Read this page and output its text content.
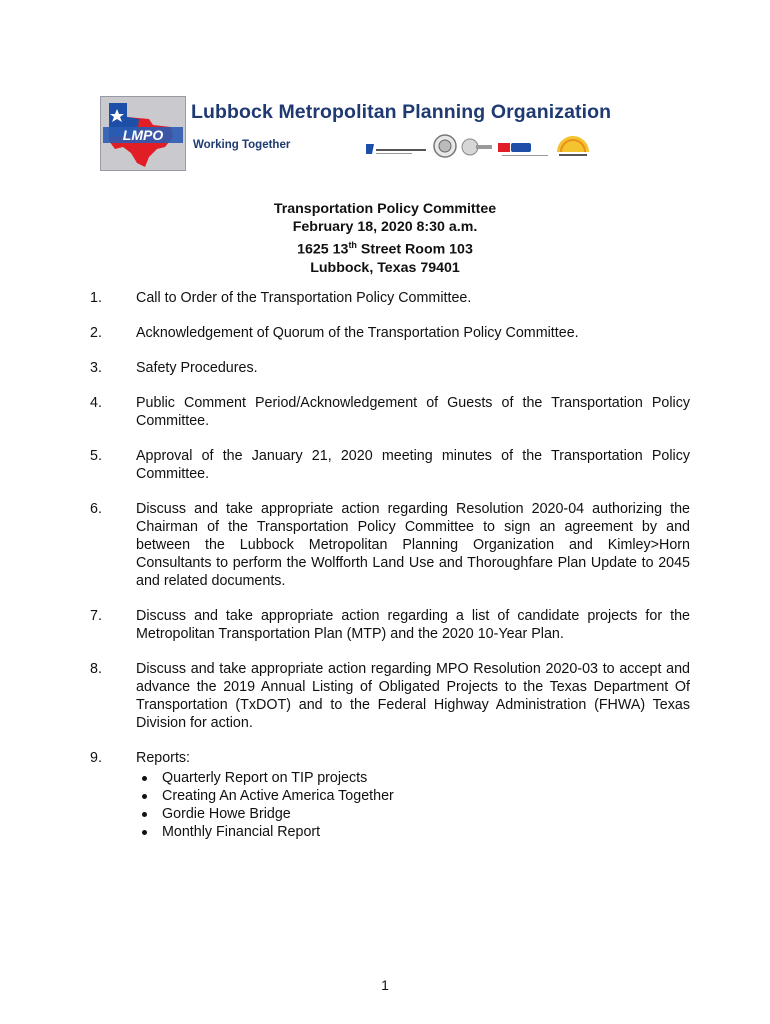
LMPO
Lubbock Metropolitan Planning Organization
Working Together
Transportation Policy Committee
February 18, 2020 8:30 a.m.
1625 13th Street Room 103
Lubbock, Texas 79401
1. Call to Order of the Transportation Policy Committee.
2. Acknowledgement of Quorum of the Transportation Policy Committee.
3. Safety Procedures.
4. Public Comment Period/Acknowledgement of Guests of the Transportation Policy Committee.
5. Approval of the January 21, 2020 meeting minutes of the Transportation Policy Committee.
6. Discuss and take appropriate action regarding Resolution 2020-04 authorizing the Chairman of the Transportation Policy Committee to sign an agreement by and between the Lubbock Metropolitan Planning Organization and Kimley>Horn Consultants to perform the Wolfforth Land Use and Thoroughfare Plan Update to 2045 and related documents.
7. Discuss and take appropriate action regarding a list of candidate projects for the Metropolitan Transportation Plan (MTP) and the 2020 10-Year Plan.
8. Discuss and take appropriate action regarding MPO Resolution 2020-03 to accept and advance the 2019 Annual Listing of Obligated Projects to the Texas Department Of Transportation (TxDOT) and to the Federal Highway Administration (FHWA) Texas Division for action.
9. Reports:
Quarterly Report on TIP projects
Creating An Active America Together
Gordie Howe Bridge
Monthly Financial Report
1
